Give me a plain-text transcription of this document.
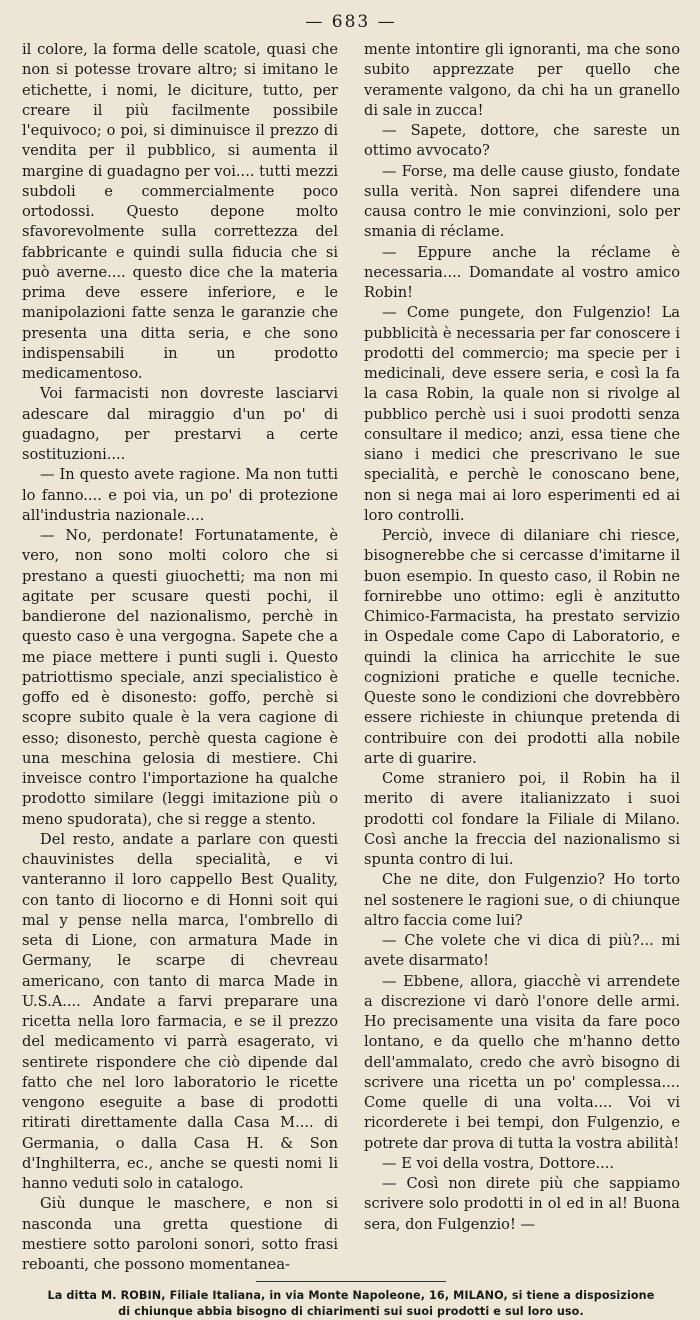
— 683 —

il colore, la forma delle scatole, quasi che non si potesse trovare altro; si imitano le etichette, i nomi, le diciture, tutto, per creare il più facilmente possibile l'equivoco; o poi, si diminuisce il prezzo di vendita per il pubblico, si aumenta il margine di guadagno per voi.... tutti mezzi subdoli e commercialmente poco ortodossi. Questo depone molto sfavorevolmente sulla correttezza del fabbricante e quindi sulla fiducia che si può averne.... questo dice che la materia prima deve essere inferiore, e le manipolazioni fatte senza le garanzie che presenta una ditta seria, e che sono indispensabili in un prodotto medicamentoso.

Voi farmacisti non dovreste lasciarvi adescare dal miraggio d'un po' di guadagno, per prestarvi a certe sostituzioni....

— In questo avete ragione. Ma non tutti lo fanno.... e poi via, un po' di protezione all'industria nazionale....

— No, perdonate! Fortunatamente, è vero, non sono molti coloro che si prestano a questi giuochetti; ma non mi agitate per scusare questi pochi, il bandierone del nazionalismo, perchè in questo caso è una vergogna. Sapete che a me piace mettere i punti sugli i. Questo patriottismo speciale, anzi specialistico è goffo ed è disonesto: goffo, perchè si scopre subito quale è la vera cagione di esso; disonesto, perchè questa cagione è una meschina gelosia di mestiere. Chi inveisce contro l'importazione ha qualche prodotto similare (leggi imitazione più o meno spudorata), che si regge a stento.

Del resto, andate a parlare con questi chauvinistes della specialità, e vi vanteranno il loro cappello Best Quality, con tanto di liocorno e di Honni soit qui mal y pense nella marca, l'ombrello di seta di Lione, con armatura Made in Germany, le scarpe di chevreau americano, con tanto di marca Made in U.S.A.... Andate a farvi preparare una ricetta nella loro farmacia, e se il prezzo del medicamento vi parrà esagerato, vi sentirete rispondere che ciò dipende dal fatto che nel loro laboratorio le ricette vengono eseguite a base di prodotti ritirati direttamente dalla Casa M.... di Germania, o dalla Casa H. & Son d'Inghilterra, ec., anche se questi nomi li hanno veduti solo in catalogo.

Giù dunque le maschere, e non si nasconda una gretta questione di mestiere sotto paroloni sonori, sotto frasi reboanti, che possono momentanea-

mente intontire gli ignoranti, ma che sono subito apprezzate per quello che veramente valgono, da chi ha un granello di sale in zucca!

— Sapete, dottore, che sareste un ottimo avvocato?

— Forse, ma delle cause giusto, fondate sulla verità. Non saprei difendere una causa contro le mie convinzioni, solo per smania di réclame.

— Eppure anche la réclame è necessaria.... Domandate al vostro amico Robin!

— Come pungete, don Fulgenzio! La pubblicità è necessaria per far conoscere i prodotti del commercio; ma specie per i medicinali, deve essere seria, e così la fa la casa Robin, la quale non si rivolge al pubblico perchè usi i suoi prodotti senza consultare il medico; anzi, essa tiene che siano i medici che prescrivano le sue specialità, e perchè le conoscano bene, non si nega mai ai loro esperimenti ed ai loro controlli.

Perciò, invece di dilaniare chi riesce, bisognerebbe che si cercasse d'imitarne il buon esempio. In questo caso, il Robin ne fornirebbe uno ottimo: egli è anzitutto Chimico-Farmacista, ha prestato servizio in Ospedale come Capo di Laboratorio, e quindi la clinica ha arricchite le sue cognizioni pratiche e quelle tecniche. Queste sono le condizioni che dovrebbèro essere richieste in chiunque pretenda di contribuire con dei prodotti alla nobile arte di guarire.

Come straniero poi, il Robin ha il merito di avere italianizzato i suoi prodotti col fondare la Filiale di Milano. Così anche la freccia del nazionalismo si spunta contro di lui.

Che ne dite, don Fulgenzio? Ho torto nel sostenere le ragioni sue, o di chiunque altro faccia come lui?

— Che volete che vi dica di più?... mi avete disarmato!

— Ebbene, allora, giacchè vi arrendete a discrezione vi darò l'onore delle armi. Ho precisamente una visita da fare poco lontano, e da quello che m'hanno detto dell'ammalato, credo che avrò bisogno di scrivere una ricetta un po' complessa.... Come quelle di una volta.... Voi vi ricorderete i bei tempi, don Fulgenzio, e potrete dar prova di tutta la vostra abilità!

— E voi della vostra, Dottore....

— Così non direte più che sappiamo scrivere solo prodotti in ol ed in al! Buona sera, don Fulgenzio! —

La ditta M. ROBIN, Filiale Italiana, in via Monte Napoleone, 16, MILANO, si tiene a disposizione
di chiunque abbia bisogno di chiarimenti sui suoi prodotti e sul loro uso.
